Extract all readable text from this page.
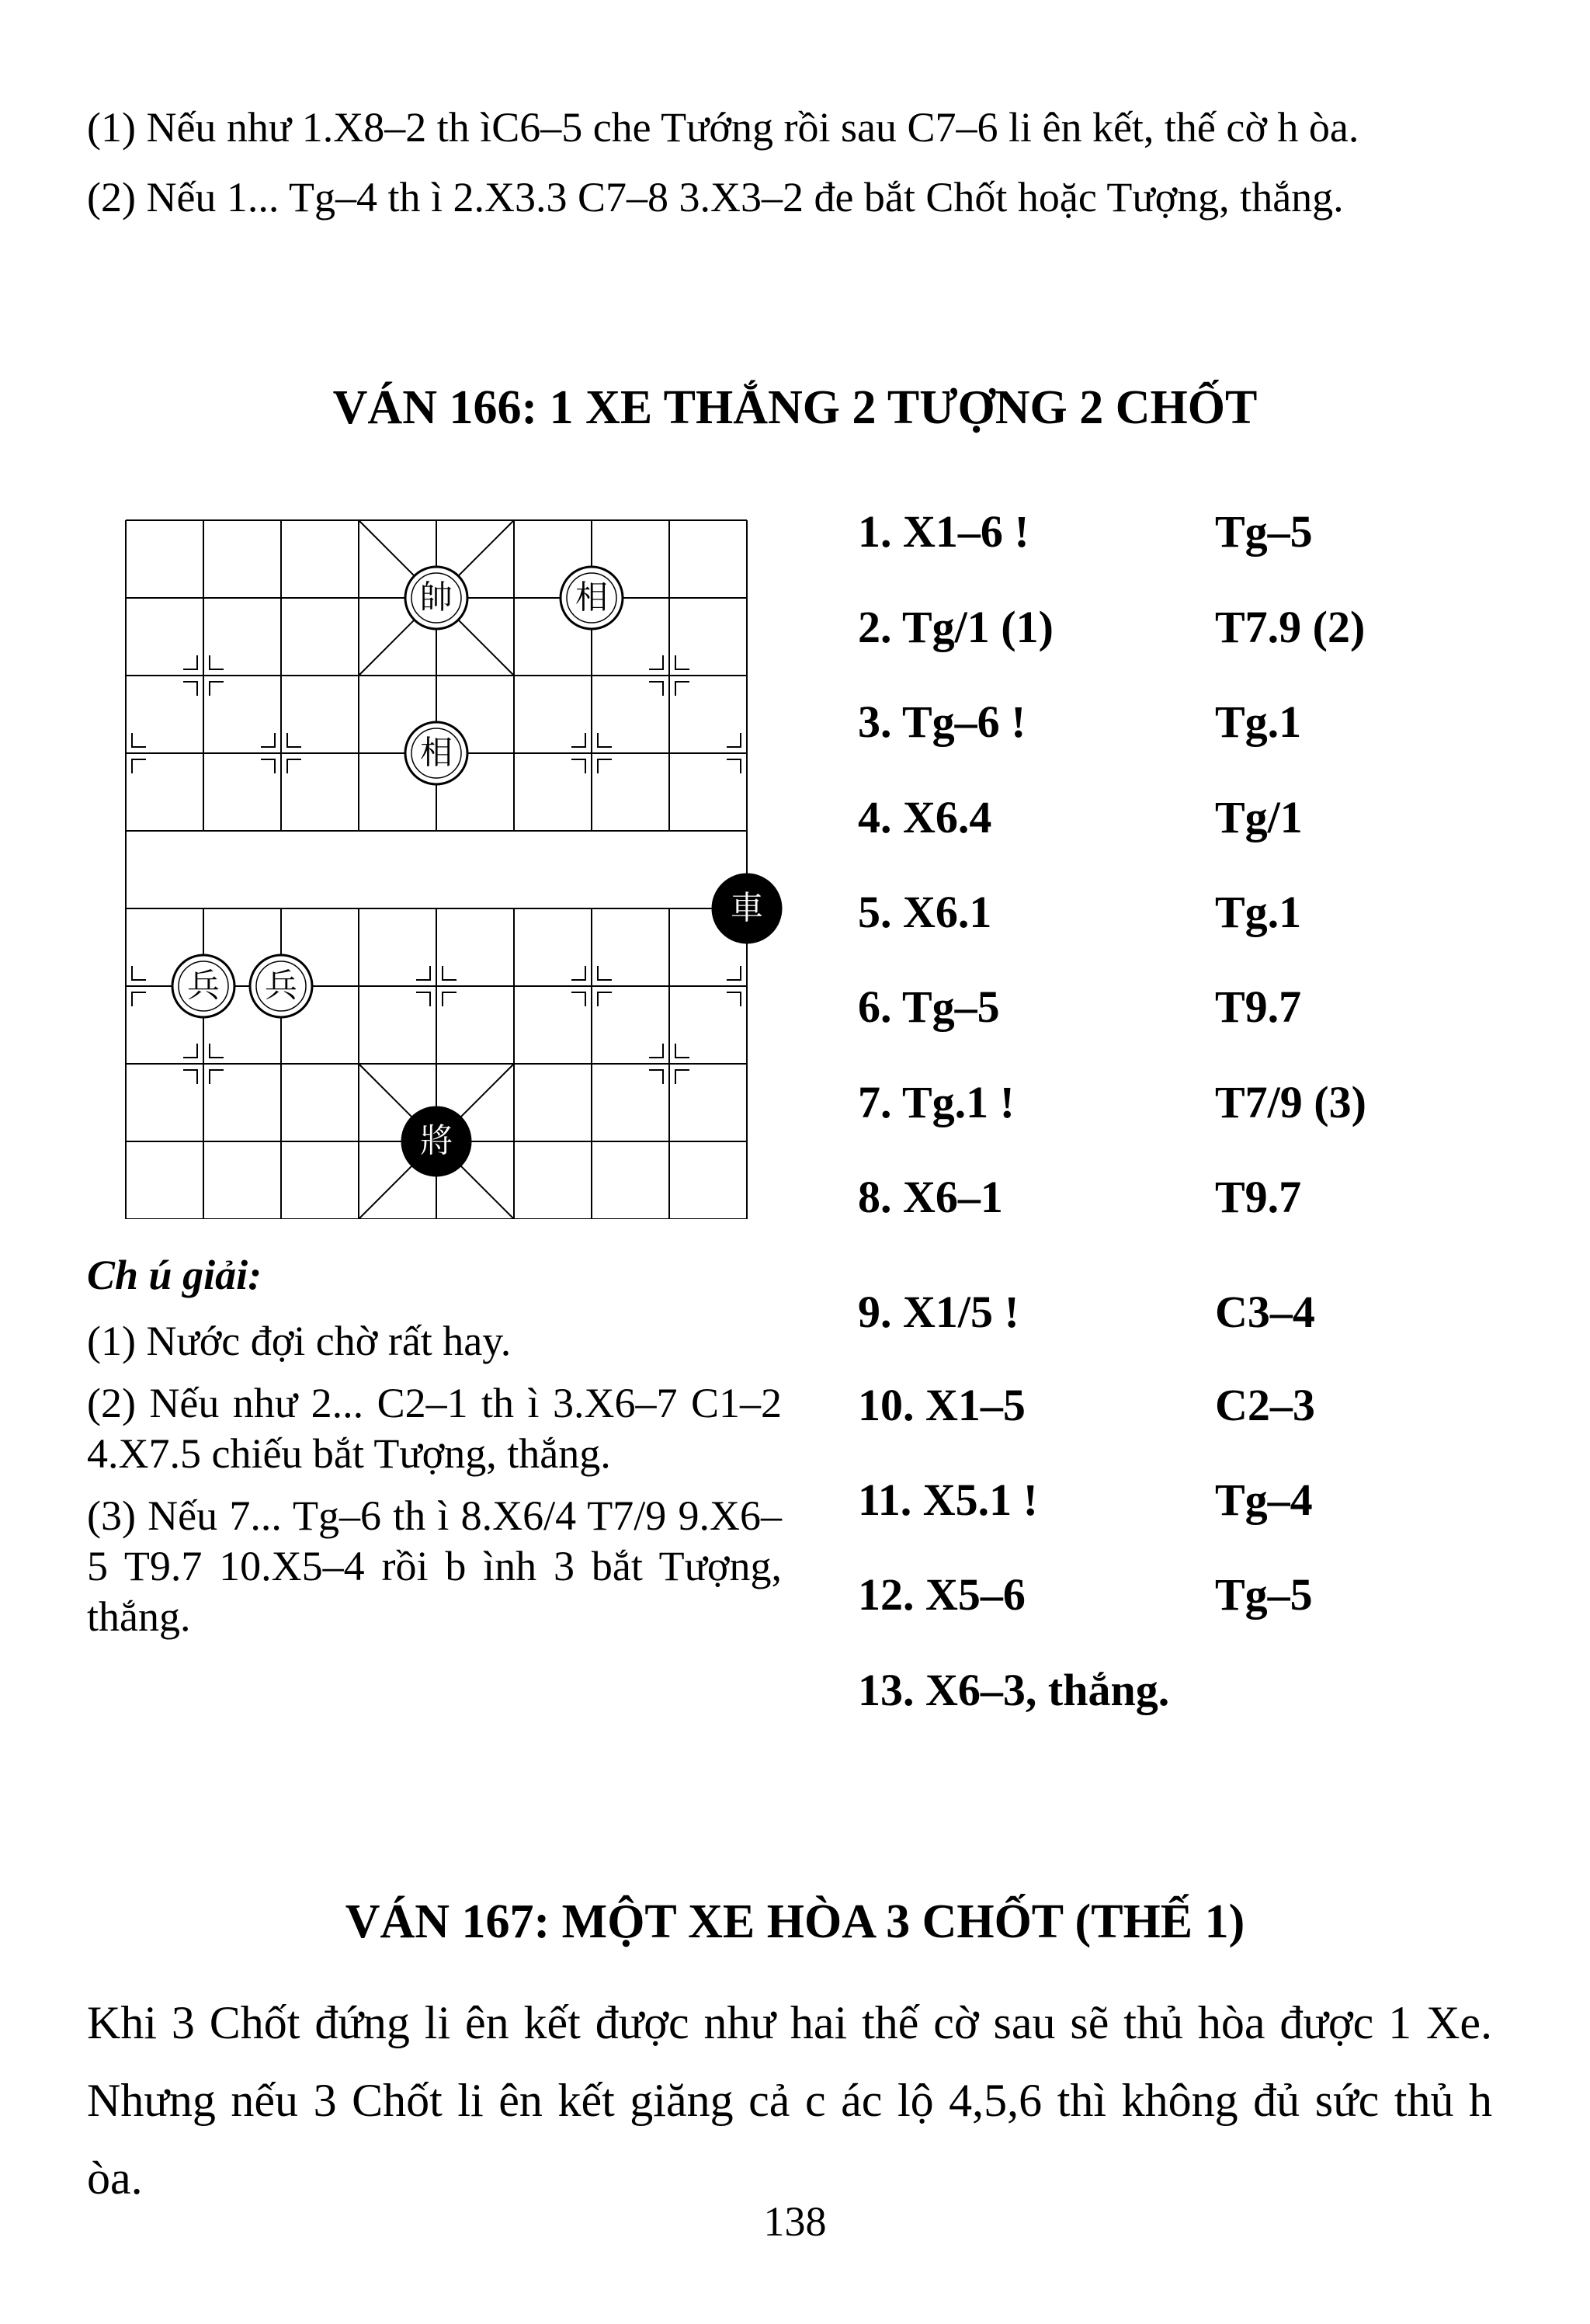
(1) Nếu như 1.X8–2 th ìC6–5 che Tướng rồi sau C7–6 li ên kết, thế cờ h òa.

(2) Nếu 1... Tg–4 th ì 2.X3.3 C7–8 3.X3–2 đe bắt Chốt hoặc Tượng, thắng.

VÁN 166: 1 XE THẮNG 2 TƯỢNG 2 CHỐT
帥	相
相
兵 兵
車
將
1. X1–6 !	Tg–5
2. Tg/1 (1)	T7.9 (2)
3. Tg–6 !	Tg.1
4. X6.4	Tg/1
5. X6.1	Tg.1
6. Tg–5	T9.7
7. Tg.1 !	T7/9 (3)
8. X6–1	T9.7
9. X1/5 !	C3–4
10. X1–5	C2–3
11. X5.1 !	Tg–4
12. X5–6	Tg–5
13. X6–3, thắng.

Ch ú giải:

(1) Nước đợi chờ rất hay.

(2) Nếu như 2... C2–1 th ì 3.X6–7 C1–2 4.X7.5 chiếu bắt Tượng, thắng.

(3) Nếu 7... Tg–6 th ì 8.X6/4 T7/9 9.X6–5 T9.7 10.X5–4 rồi b ình 3 bắt Tượng, thắng.

VÁN 167: MỘT XE HÒA 3 CHỐT (THẾ 1)

Khi 3 Chốt đứng li ên kết được như hai thế cờ sau sẽ thủ hòa được 1 Xe. Nhưng nếu 3 Chốt li ên kết giăng cả c ác lộ 4,5,6 thì không đủ sức thủ h òa.

138
